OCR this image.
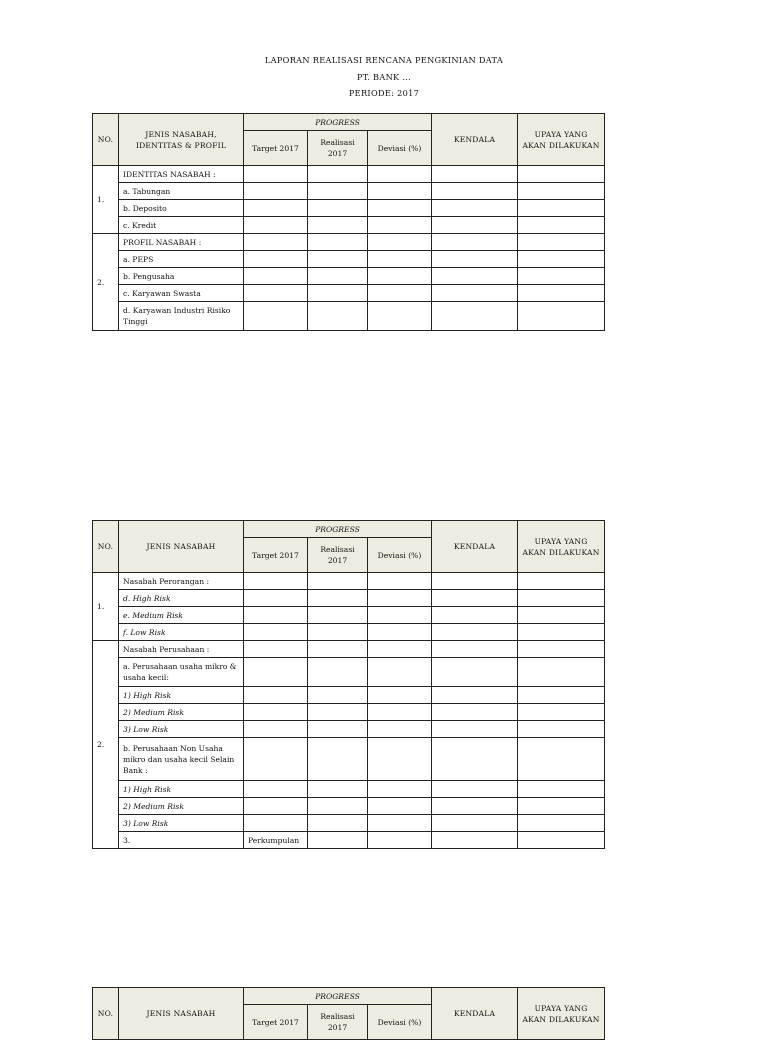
LAPORAN REALISASI RENCANA PENGKINIAN DATA
PT. BANK ...
PERIODE: 2017
NO.	JENIS NASABAH, IDENTITAS & PROFIL	PROGRESS			KENDALA	UPAYA YANG AKAN DILAKUKAN
		Target 2017	Realisasi 2017	Deviasi (%)		
1.	IDENTITAS NASABAH :					
	a. Tabungan					
	b. Deposito					
	c. Kredit					
2.	PROFIL NASABAH :					
	a. PEPS					
	b. Pengusaha					
	c. Karyawan Swasta					
	d. Karyawan Industri Risiko Tinggi					
NO.	JENIS NASABAH	PROGRESS			KENDALA	UPAYA YANG AKAN DILAKUKAN	
		Target 2017	Realisasi 2017	Deviasi (%)			
1.	Nasabah Perorangan :						
	d. High Risk						
	e. Medium Risk						
	f. Low Risk						
2.	Nasabah Perusahaan :						
	a. Perusahaan usaha mikro & usaha kecil:						
	1) High Risk						
	2) Medium Risk						
	3) Low Risk						
	b. Perusahaan Non Usaha mikro dan usaha kecil Selain Bank :						
	1) High Risk						
	2) Medium Risk						
	3) Low Risk						
	3.	Perkumpulan					
NO.	JENIS NASABAH	PROGRESS			KENDALA	UPAYA YANG AKAN DILAKUKAN
		Target 2017	Realisasi 2017	Deviasi (%)		
